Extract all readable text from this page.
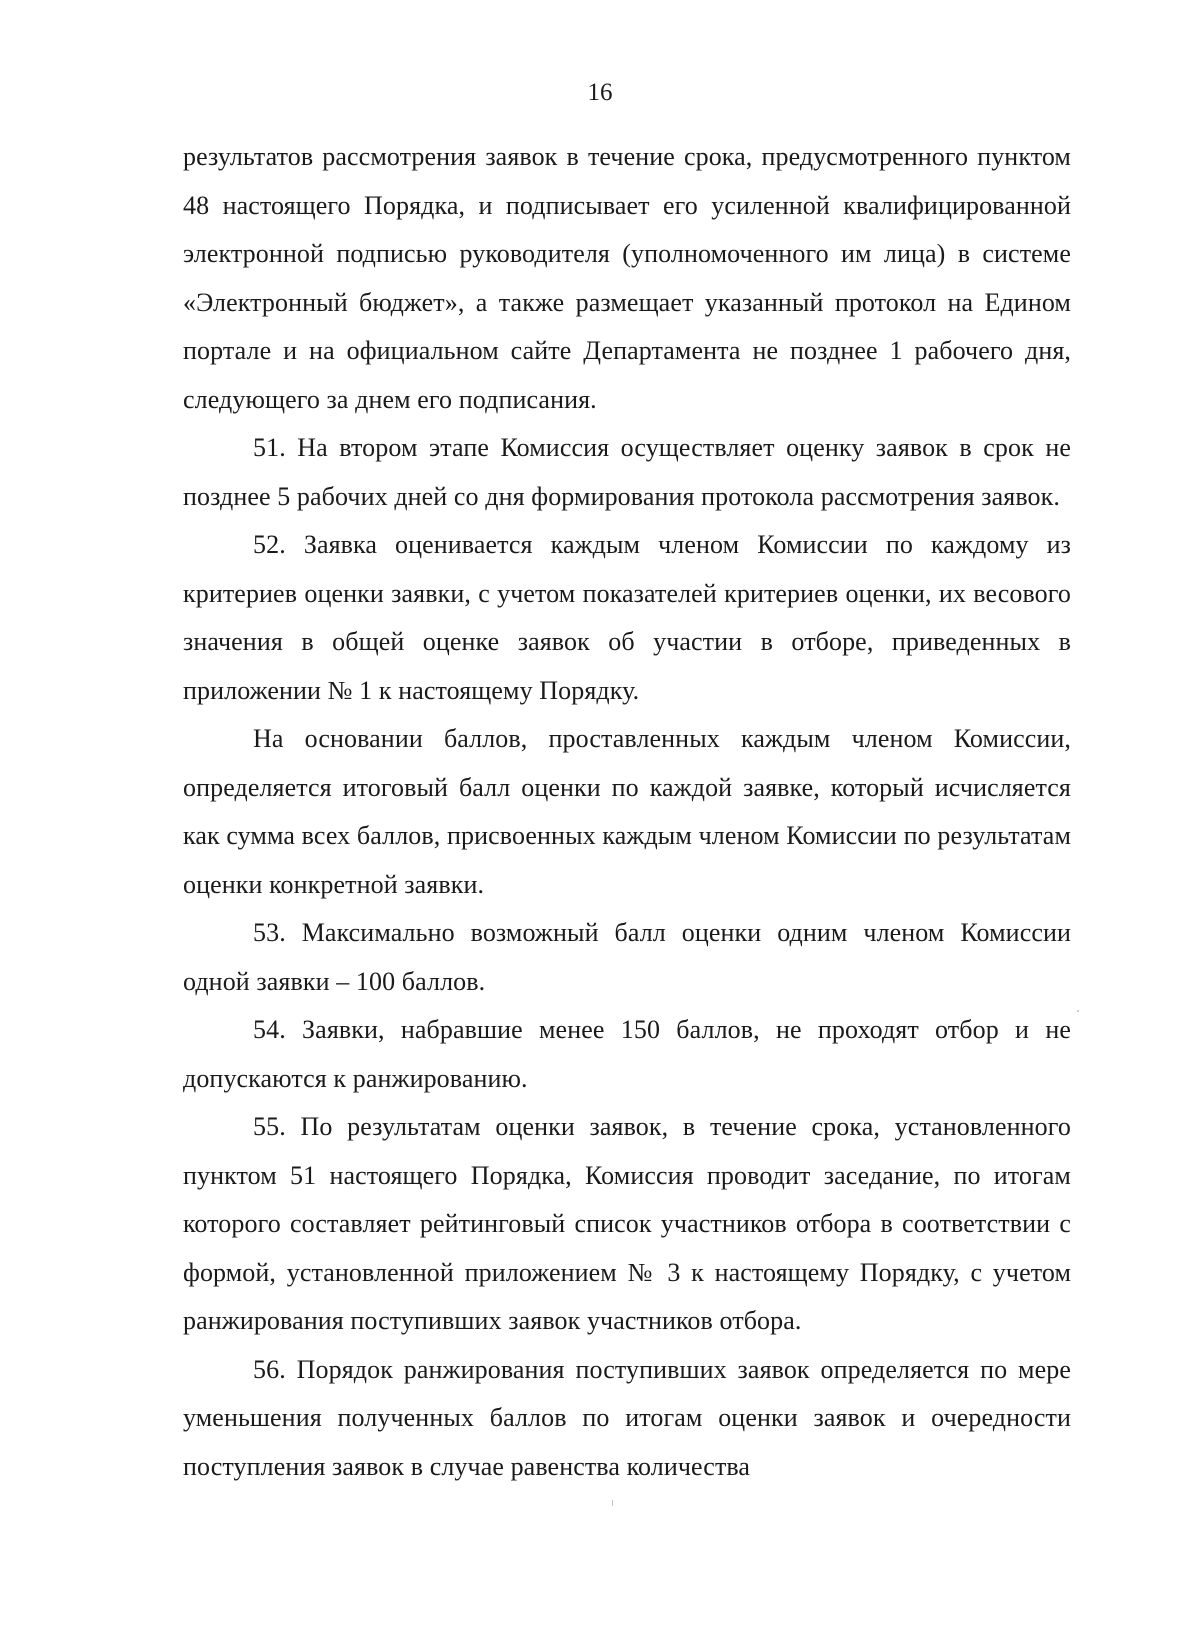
16

результатов рассмотрения заявок в течение срока, предусмотренного пунктом 48 настоящего Порядка, и подписывает его усиленной квалифицированной электронной подписью руководителя (уполномоченного им лица) в системе «Электронный бюджет», а также размещает указанный протокол на Едином портале и на официальном сайте Департамента не позднее 1 рабочего дня, следующего за днем его подписания.

51. На втором этапе Комиссия осуществляет оценку заявок в срок не позднее 5 рабочих дней со дня формирования протокола рассмотрения заявок.

52. Заявка оценивается каждым членом Комиссии по каждому из критериев оценки заявки, с учетом показателей критериев оценки, их весового значения в общей оценке заявок об участии в отборе, приведенных в приложении № 1 к настоящему Порядку.

На основании баллов, проставленных каждым членом Комиссии, определяется итоговый балл оценки по каждой заявке, который исчисляется как сумма всех баллов, присвоенных каждым членом Комиссии по результатам оценки конкретной заявки.

53. Максимально возможный балл оценки одним членом Комиссии одной заявки – 100 баллов.

54. Заявки, набравшие менее 150 баллов, не проходят отбор и не допускаются к ранжированию.

55. По результатам оценки заявок, в течение срока, установленного пунктом 51 настоящего Порядка, Комиссия проводит заседание, по итогам которого составляет рейтинговый список участников отбора в соответствии с формой, установленной приложением № 3 к настоящему Порядку, с учетом ранжирования поступивших заявок участников отбора.

56. Порядок ранжирования поступивших заявок определяется по мере уменьшения полученных баллов по итогам оценки заявок и очередности поступления заявок в случае равенства количества
